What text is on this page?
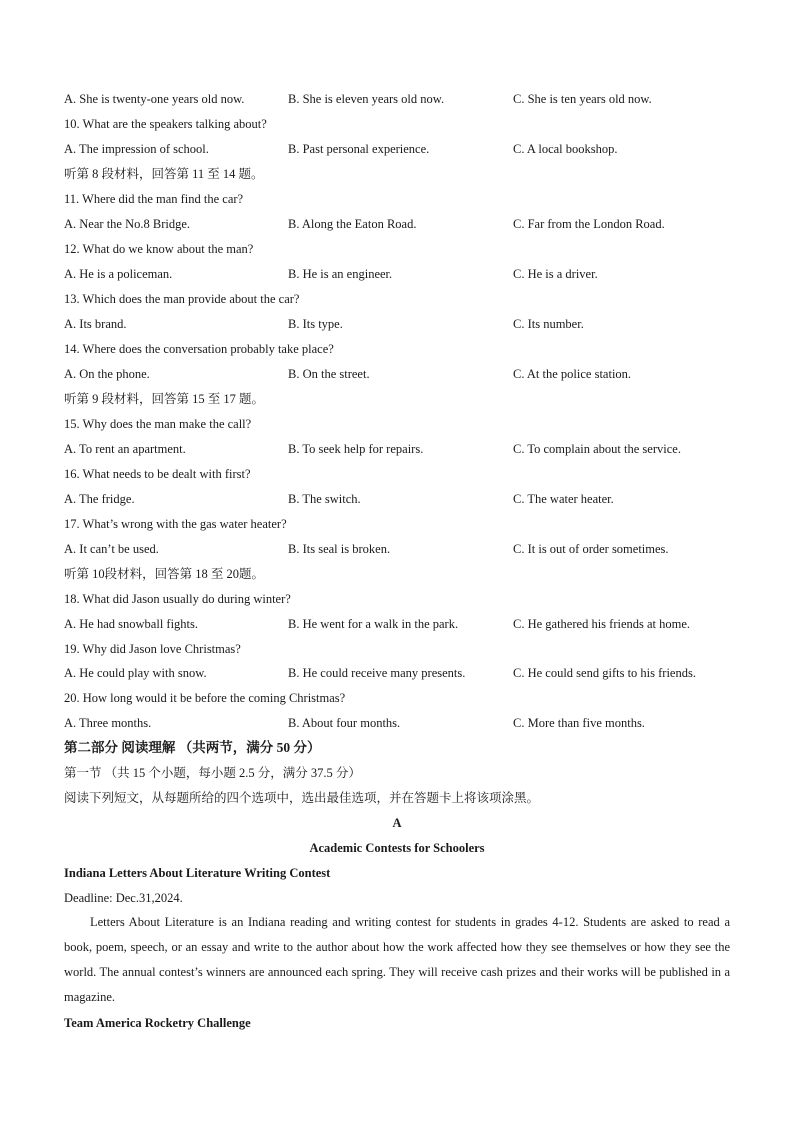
A. She is twenty-one years old now.	B. She is eleven years old now.	C. She is ten years old now.
10. What are the speakers talking about?
A. The impression of school.	B. Past personal experience.	C. A local bookshop.
听第 8 段材料，回答第 11 至 14 题。
11. Where did the man find the car?
A. Near the No.8 Bridge.	B. Along the Eaton Road.	C. Far from the London Road.
12. What do we know about the man?
A. He is a policeman.	B. He is an engineer.	C. He is a driver.
13. Which does the man provide about the car?
A. Its brand.	B. Its type.	C. Its number.
14. Where does the conversation probably take place?
A. On the phone.	B. On the street.	C. At the police station.
听第 9 段材料，回答第 15 至 17 题。
15. Why does the man make the call?
A. To rent an apartment.	B. To seek help for repairs.	C. To complain about the service.
16. What needs to be dealt with first?
A. The fridge.	B. The switch.	C. The water heater.
17. What’s wrong with the gas water heater?
A. It can’t be used.	B. Its seal is broken.	C. It is out of order sometimes.
听第 10段材料，回答第 18 至 20题。
18. What did Jason usually do during winter?
A. He had snowball fights.	B. He went for a walk in the park.	C. He gathered his friends at home.
19. Why did Jason love Christmas?
A. He could play with snow.	B. He could receive many presents.	C. He could send gifts to his friends.
20. How long would it be before the coming Christmas?
A. Three months.	B. About four months.	C. More than five months.
第二部分 阅读理解 （共两节，满分 50 分）
第一节 （共 15 个小题，每小题 2.5 分，满分 37.5 分）
阅读下列短文，从每题所给的四个选项中，选出最佳选项，并在答题卡上将该项涂黑。
A
Academic Contests for Schoolers
Indiana Letters About Literature Writing Contest
Deadline: Dec.31,2024.

Letters About Literature is an Indiana reading and writing contest for students in grades 4-12. Students are asked to read a book, poem, speech, or an essay and write to the author about how the work affected how they see themselves or how they see the world. The annual contest’s winners are announced each spring. They will receive cash prizes and their works will be published in a magazine.

Team America Rocketry Challenge
